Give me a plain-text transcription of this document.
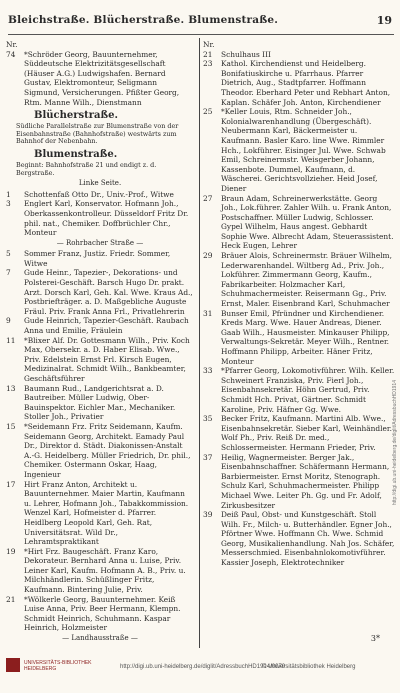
Bleichstraße. Blücherstraße. Blumenstraße.	19
Nr.
74 *Schröder Georg, Bauunternehmer, Süddeutsche Elektrizitätsgesellschaft (Häuser A.G.) Ludwigshafen. Bernard Gustav, Elektromonteur, Seligmann Sigmund, Versicherungen. Pfißter Georg, Rtm. Manne Wilh., Dienstmann
Blücherstraße.
Südliche Parallelstraße zur Blumenstraße von der Eisenbahnstraße (Bahnhofstraße) westwärts zum Bahnhof der Nebenbahn.
Blumenstraße.
Beginnt: Bahnhofstraße 21 und endigt z. d. Bergstraße.
Linke Seite.
1 Schottenfaß Otto Dr., Univ.-Prof., Witwe
3 Englert Karl, Konservator. Hofmann Joh., Oberkassenkontrolleur. Düsseldorf Fritz Dr. phil. nat., Chemiker. Doffbrüchler Chr., Monteur
— Rohrbacher Straße —
5 Sommer Franz, Justiz. Friedr. Sommer, Witwe
7 Gude Heinr., Tapezier-, Dekorations- und Polsterei-Geschäft. Barsch Hugo Dr. prakt. Arzt. Dorsch Karl, Geh. Kal. Wwe. Kraus Ad., Postbriefträger. a. D. Maßgebliche Auguste Fräul. Priv. Frank Anna Frl., Privatlehrerin
9 Gude Heinrich, Tapezier-Geschäft. Raubach Anna und Emilie, Fräulein
11 *Blixer Alf. Dr. Gottesmann Wilh., Priv. Koch Max, Obersekr. a. D. Haber Elisab. Wwe., Priv. Edelstein Ernst Frl. Kirsch Eugen, Medizinalrat. Schmidt Wilh., Bankbeamter, Geschäftsführer
13 Baumann Rud., Landgerichtsrat a. D. Bautreiber. Müller Ludwig, Ober-Bauinspektor. Eichler Mar., Mechaniker. Stoller Joh., Privatier
15 *Seidemann Frz. Fritz Seidemann, Kaufm. Seidemann Georg, Architekt. Eamady Paul Dr., Direktor d. Städt. Diakonissen-Anstalt A.-G. Heidelberg. Müller Friedrich, Dr. phil., Chemiker. Ostermann Oskar, Haag, Ingenieur
17 Hirt Franz Anton, Architekt u. Bauunternehmer. Maier Martin, Kaufmann u. Lehrer, Hofmann Joh., Tabakkommission. Wenzel Karl, Hofmeister d. Pfarrer. Heidlberg Leopold Karl, Geh. Rat, Universitätsrat. Wild Dr., Lehramtspraktikant
19 *Hirt Frz. Baugeschäft. Franz Karo, Dekorateur. Bernhard Anna u. Luise, Priv. Leiner Karl, Kaufm. Hofmann A. B., Priv. u. Milchhändlerin. Schüßlinger Fritz, Kaufmann. Bintering Julie, Priv.
21 *Wölkerle Georg, Bauunternehmer. Keiß Luise Anna, Priv. Beer Hermann, Klempn. Schmidt Heinrich, Schuhmann. Kaspar Heinrich, Holzmeister
— Landhausstraße —
Nr.
21 Schulhaus III
23 Kathol. Kirchendienst und Heidelberg. Bonifatiuskirche u. Pfarrhaus. Pfarrer Dietrich, Aug., Stadtpfarrer. Hoffmann Theodor. Eberhard Peter und Rebhart Anton, Kaplan. Schäfer Joh. Anton, Kirchendiener
25 *Keller Louis, Rtm. Schneider Joh., Kolonialwarenhandlung (Übergeschäft). Neubermann Karl, Bäckermeister u. Kaufmann. Basler Karo. line Wwe. Rimmler Hch., Lokführer. Eisinger Jul. Wwe. Schwab Emil, Schreinermstr. Weisgerber Johann, Kassenbote. Dummel, Kaufmann, d. Wäscherei. Gerichtsvollzieher. Heid Josef, Diener
27 Braun Adam, Schreinerwerkstätte. Georg Joh., Lok.führer. Zahler Wilh. u. Frank Anton, Postschaffner. Müller Ludwig, Schlosser. Gypel Wilhelm, Haus angest. Gebhardt Sophie Wwe. Albrecht Adam, Steuerassistent. Heck Eugen, Lehrer
29 Bräuer Alois, Schreinermstr. Bräuer Wilhelm, Lederwarenhandel. Wiltberg Ad., Priv. Joh., Lokführer. Zimmermann Georg, Kaufm., Fabrikarbeiter. Holzmacher Karl, Schuhmachermeister. Reisermann Gg., Priv. Ernst, Maler. Eisenbrand Karl, Schuhmacher
31 Bunser Emil, Pfründner und Kirchendiener. Kreds Marg. Wwe. Hauer Andreas, Diener. Gaab Wilh., Hausmeister. Minkauser Philipp, Verwaltungs-Sekretär. Meyer Wilh., Rentner. Hoffmann Philipp, Arbeiter. Häner Fritz, Monteur
33 *Pfarrer Georg, Lokomotivführer. Wilh. Keller. Schweinert Franziska, Priv. Fierl Joh., Eisenbahnsekretär. Höhn Gertrud, Priv. Schmidt Hch. Privat, Gärtner. Schmidt Karoline, Priv. Häfner Gg. Wwe.
35 Becker Fritz, Kaufmann. Martini Alb. Wwe., Eisenbahnsekretär. Sieber Karl, Weinhändler. Wolf Ph., Priv. Reiß Dr. med., Schlossermeister. Hermann Frieder, Priv.
37 Heilig, Wagnermeister. Berger Jak., Eisenbahnschaffner. Schäfermann Hermann, Barbiermeister. Ernst Moritz, Stenograph. Schulz Karl, Schuhmachermeister. Philipp Michael Wwe. Leiter Ph. Gg. und Fr. Adolf, Zirkusbesitzer
39 Deiß Paul, Obst- und Kunstgeschäft. Stoll Wilh. Fr., Milch- u. Butterhändler. Egner Joh., Pförtner Wwe. Hoffmann Ch. Wwe. Schmid Georg, Musikalienhandlung. Nah Jos. Schäfer, Messerschmied. Eisenbahnlokomotivführer. Kassier Joseph, Elektrotechniker
3*
http://digi.ub.uni-heidelberg.de/diglit/AdressbuchHD1914
UNIVERSITÄTS-BIBLIOTHEK HEIDELBERG	http://digi.ub.uni-heidelberg.de/diglit/AdressbuchHD1914/0070
© Universitätsbibliothek Heidelberg
